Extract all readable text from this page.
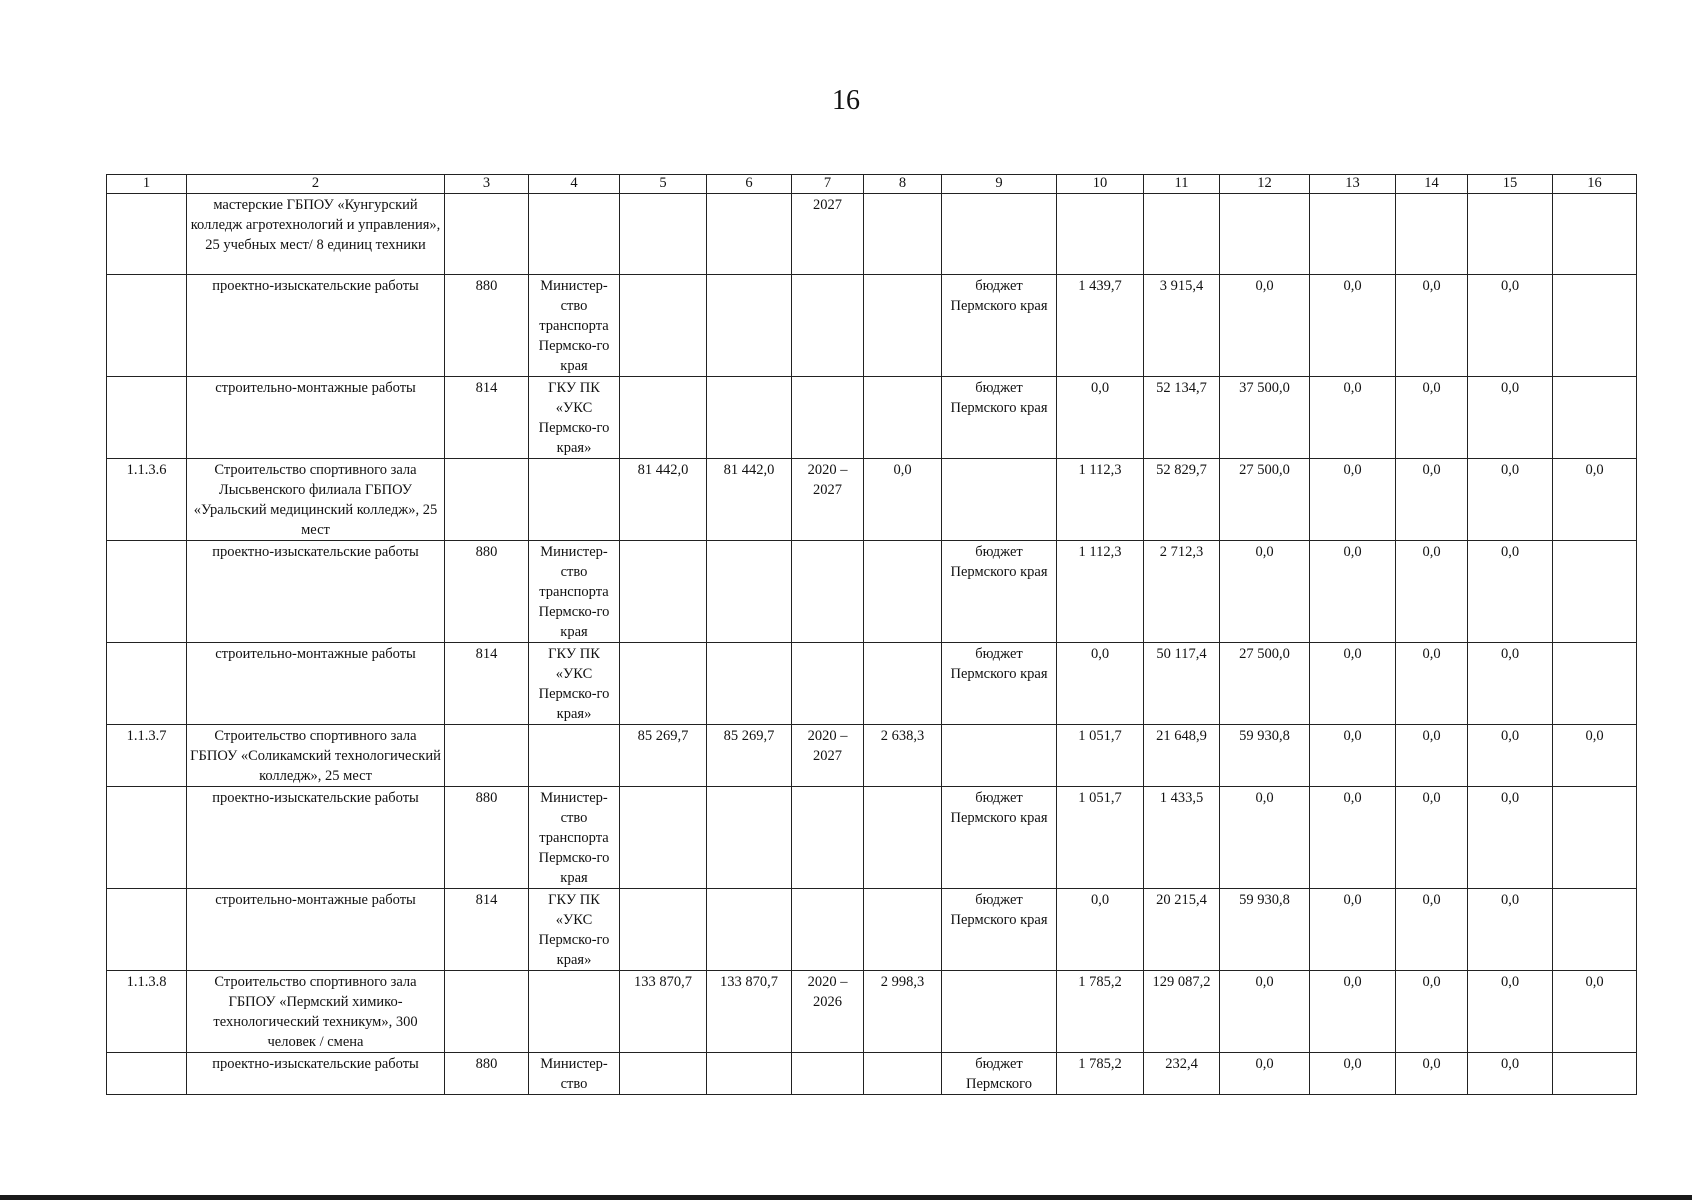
16
1	2	3	4	5	6	7	8	9	10	11	12	13	14	15	16
	мастерские ГБПОУ «Кунгурский колледж агротехнологий и управления», 25 учебных мест/ 8 единиц техники					2027									
	проектно-изыскательские работы	880	Министер-ство транспорта Пермско-го края					бюджет Пермского края	1 439,7	3 915,4	0,0	0,0	0,0	0,0	
	строительно-монтажные работы	814	ГКУ ПК «УКС Пермско-го края»					бюджет Пермского края	0,0	52 134,7	37 500,0	0,0	0,0	0,0	
1.1.3.6	Строительство спортивного зала Лысьвенского филиала ГБПОУ «Уральский медицинский колледж», 25 мест			81 442,0	81 442,0	2020 – 2027	0,0		1 112,3	52 829,7	27 500,0	0,0	0,0	0,0	0,0
	проектно-изыскательские работы	880	Министер-ство транспорта Пермско-го края					бюджет Пермского края	1 112,3	2 712,3	0,0	0,0	0,0	0,0	
	строительно-монтажные работы	814	ГКУ ПК «УКС Пермско-го края»					бюджет Пермского края	0,0	50 117,4	27 500,0	0,0	0,0	0,0	
1.1.3.7	Строительство спортивного зала ГБПОУ «Соликамский технологический колледж», 25 мест			85 269,7	85 269,7	2020 – 2027	2 638,3		1 051,7	21 648,9	59 930,8	0,0	0,0	0,0	0,0
	проектно-изыскательские работы	880	Министер-ство транспорта Пермско-го края					бюджет Пермского края	1 051,7	1 433,5	0,0	0,0	0,0	0,0	
	строительно-монтажные работы	814	ГКУ ПК «УКС Пермско-го края»					бюджет Пермского края	0,0	20 215,4	59 930,8	0,0	0,0	0,0	
1.1.3.8	Строительство спортивного зала ГБПОУ «Пермский химико-технологический техникум», 300 человек / смена			133 870,7	133 870,7	2020 – 2026	2 998,3		1 785,2	129 087,2	0,0	0,0	0,0	0,0	0,0
	проектно-изыскательские работы	880	Министер-ство					бюджет Пермского	1 785,2	232,4	0,0	0,0	0,0	0,0	
